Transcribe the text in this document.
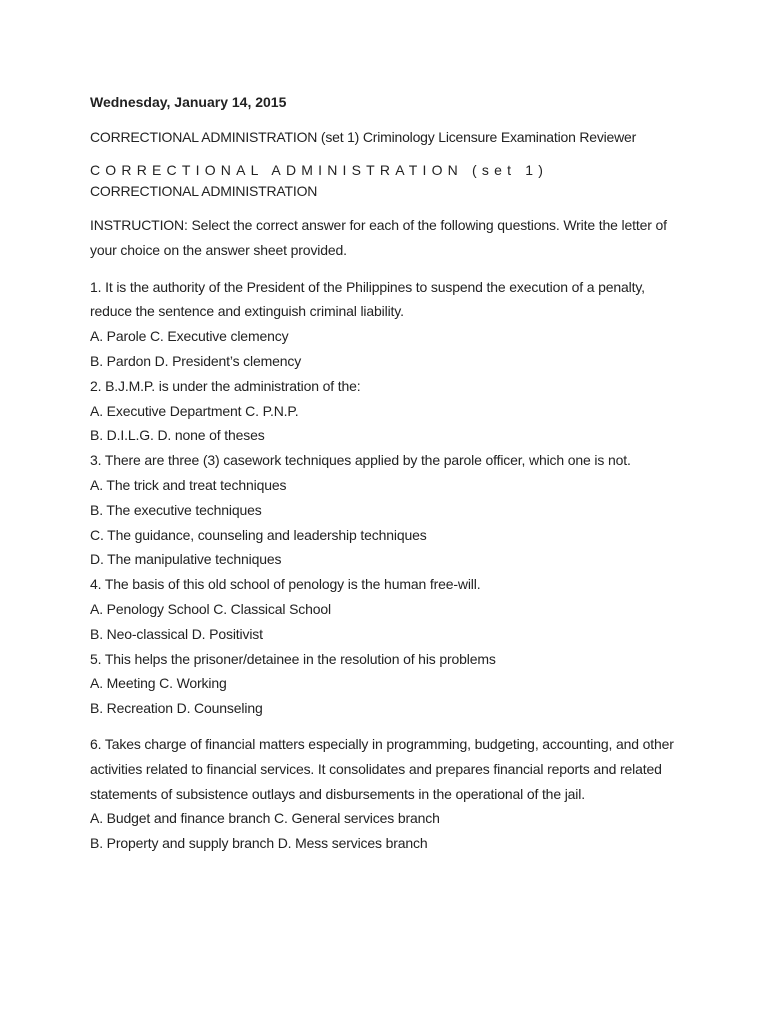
Wednesday, January 14, 2015

CORRECTIONAL ADMINISTRATION (set 1) Criminology Licensure Examination Reviewer

CORRECTIONAL ADMINISTRATION (set 1)

CORRECTIONAL ADMINISTRATION

INSTRUCTION: Select the correct answer for each of the following questions. Write the letter of your choice on the answer sheet provided.

1. It is the authority of the President of the Philippines to suspend the execution of a penalty, reduce the sentence and extinguish criminal liability.
A. Parole C. Executive clemency
B. Pardon D. President’s clemency
2. B.J.M.P. is under the administration of the:
A. Executive Department C. P.N.P.
B. D.I.L.G. D. none of theses
3. There are three (3) casework techniques applied by the parole officer, which one is not.
A. The trick and treat techniques
B. The executive techniques
C. The guidance, counseling and leadership techniques
D. The manipulative techniques
4. The basis of this old school of penology is the human free-will.
A. Penology School C. Classical School
B. Neo-classical D. Positivist
5. This helps the prisoner/detainee in the resolution of his problems
A. Meeting C. Working
B. Recreation D. Counseling
6. Takes charge of financial matters especially in programming, budgeting, accounting, and other activities related to financial services. It consolidates and prepares financial reports and related statements of subsistence outlays and disbursements in the operational of the jail.
A. Budget and finance branch C. General services branch
B. Property and supply branch D. Mess services branch
